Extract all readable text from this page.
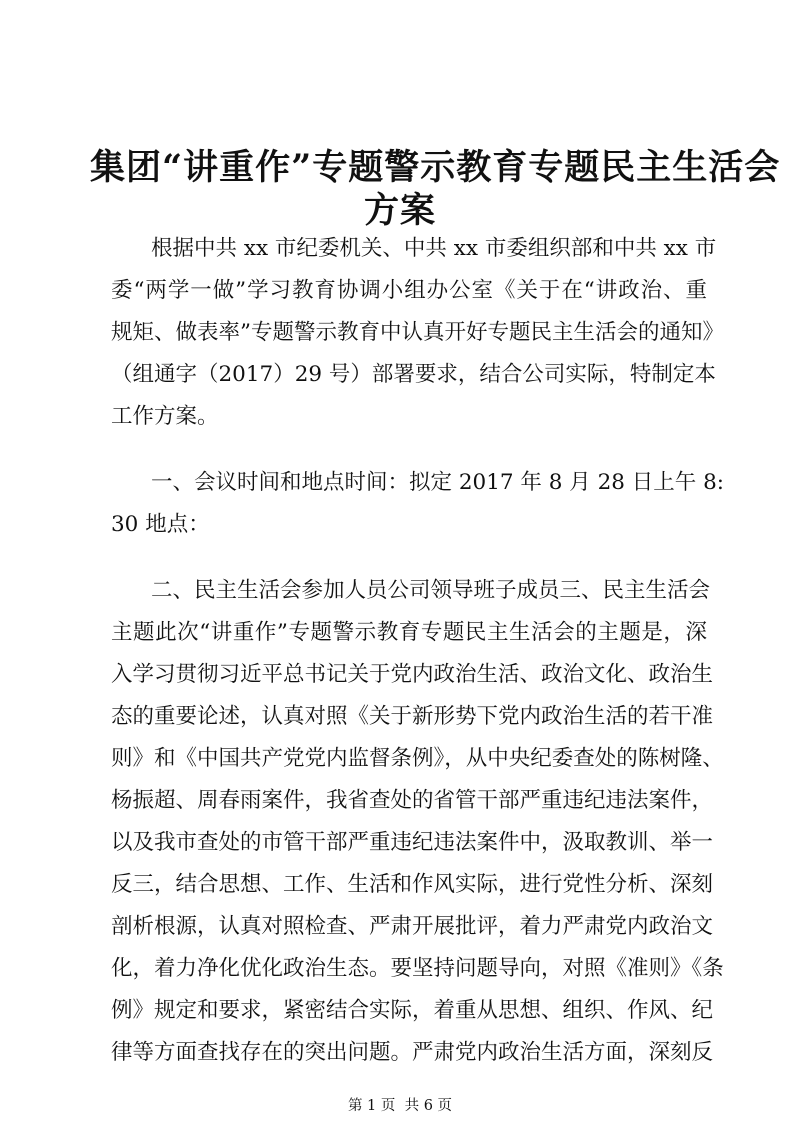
集团“讲重作”专题警示教育专题民主生活会
方案
根据中共 xx 市纪委机关、中共 xx 市委组织部和中共 xx 市
委“两学一做”学习教育协调小组办公室《关于在“讲政治、重
规矩、做表率”专题警示教育中认真开好专题民主生活会的通知》
（组通字（2017）29 号）部署要求，结合公司实际，特制定本
工作方案。
一、会议时间和地点时间：拟定 2017 年 8 月 28 日上午 8:
30 地点：
二、民主生活会参加人员公司领导班子成员三、民主生活会
主题此次“讲重作”专题警示教育专题民主生活会的主题是，深
入学习贯彻习近平总书记关于党内政治生活、政治文化、政治生
态的重要论述，认真对照《关于新形势下党内政治生活的若干准
则》和《中国共产党党内监督条例》，从中央纪委查处的陈树隆、
杨振超、周春雨案件，我省查处的省管干部严重违纪违法案件，
以及我市查处的市管干部严重违纪违法案件中，汲取教训、举一
反三，结合思想、工作、生活和作风实际，进行党性分析、深刻
剖析根源，认真对照检查、严肃开展批评，着力严肃党内政治文
化，着力净化优化政治生态。要坚持问题导向，对照《准则》《条
例》规定和要求，紧密结合实际，着重从思想、组织、作风、纪
律等方面查找存在的突出问题。严肃党内政治生活方面，深刻反
第 1 页  共 6 页
